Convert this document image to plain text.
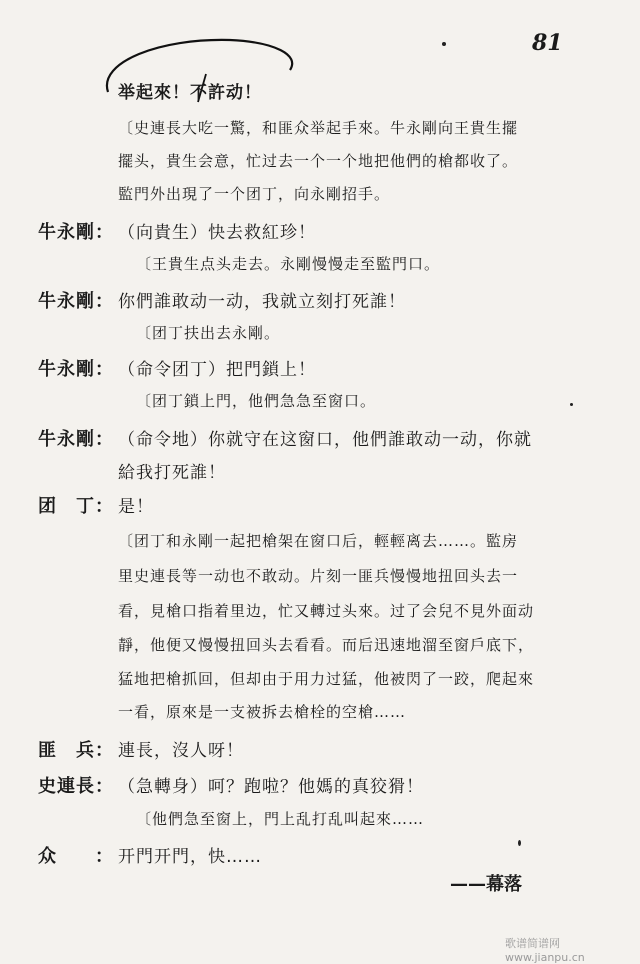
81
举起來！不許动！
〔史連長大吃一驚，和匪众举起手來。牛永剛向王貴生擺
擺头，貴生会意，忙过去一个一个地把他們的槍都收了。
監門外出現了一个团丁，向永剛招手。
牛永剛： （向貴生）快去救紅珍！
〔王貴生点头走去。永剛慢慢走至監門口。
牛永剛： 你們誰敢动一动，我就立刻打死誰！
〔团丁扶出去永剛。
牛永剛： （命令团丁）把門鎖上！
〔团丁鎖上門，他們急急至窗口。
牛永剛： （命令地）你就守在这窗口，他們誰敢动一动，你就
給我打死誰！
团　丁： 是！
〔团丁和永剛一起把槍架在窗口后，輕輕离去……。監房
里史連長等一动也不敢动。片刻一匪兵慢慢地扭回头去一
看，見槍口指着里边，忙又轉过头來。过了会兒不見外面动
靜，他便又慢慢扭回头去看看。而后迅速地溜至窗戶底下，
猛地把槍抓回，但却由于用力过猛，他被閃了一跤，爬起來
一看，原來是一支被拆去槍栓的空槍……
匪　兵： 連長，沒人呀！
史連長： （急轉身）呵？跑啦？他媽的真狡猾！
〔他們急至窗上，門上乱打乱叫起來……
众　　： 开門开門，快……
——幕落
歌谱简谱网 www.jianpu.cn
